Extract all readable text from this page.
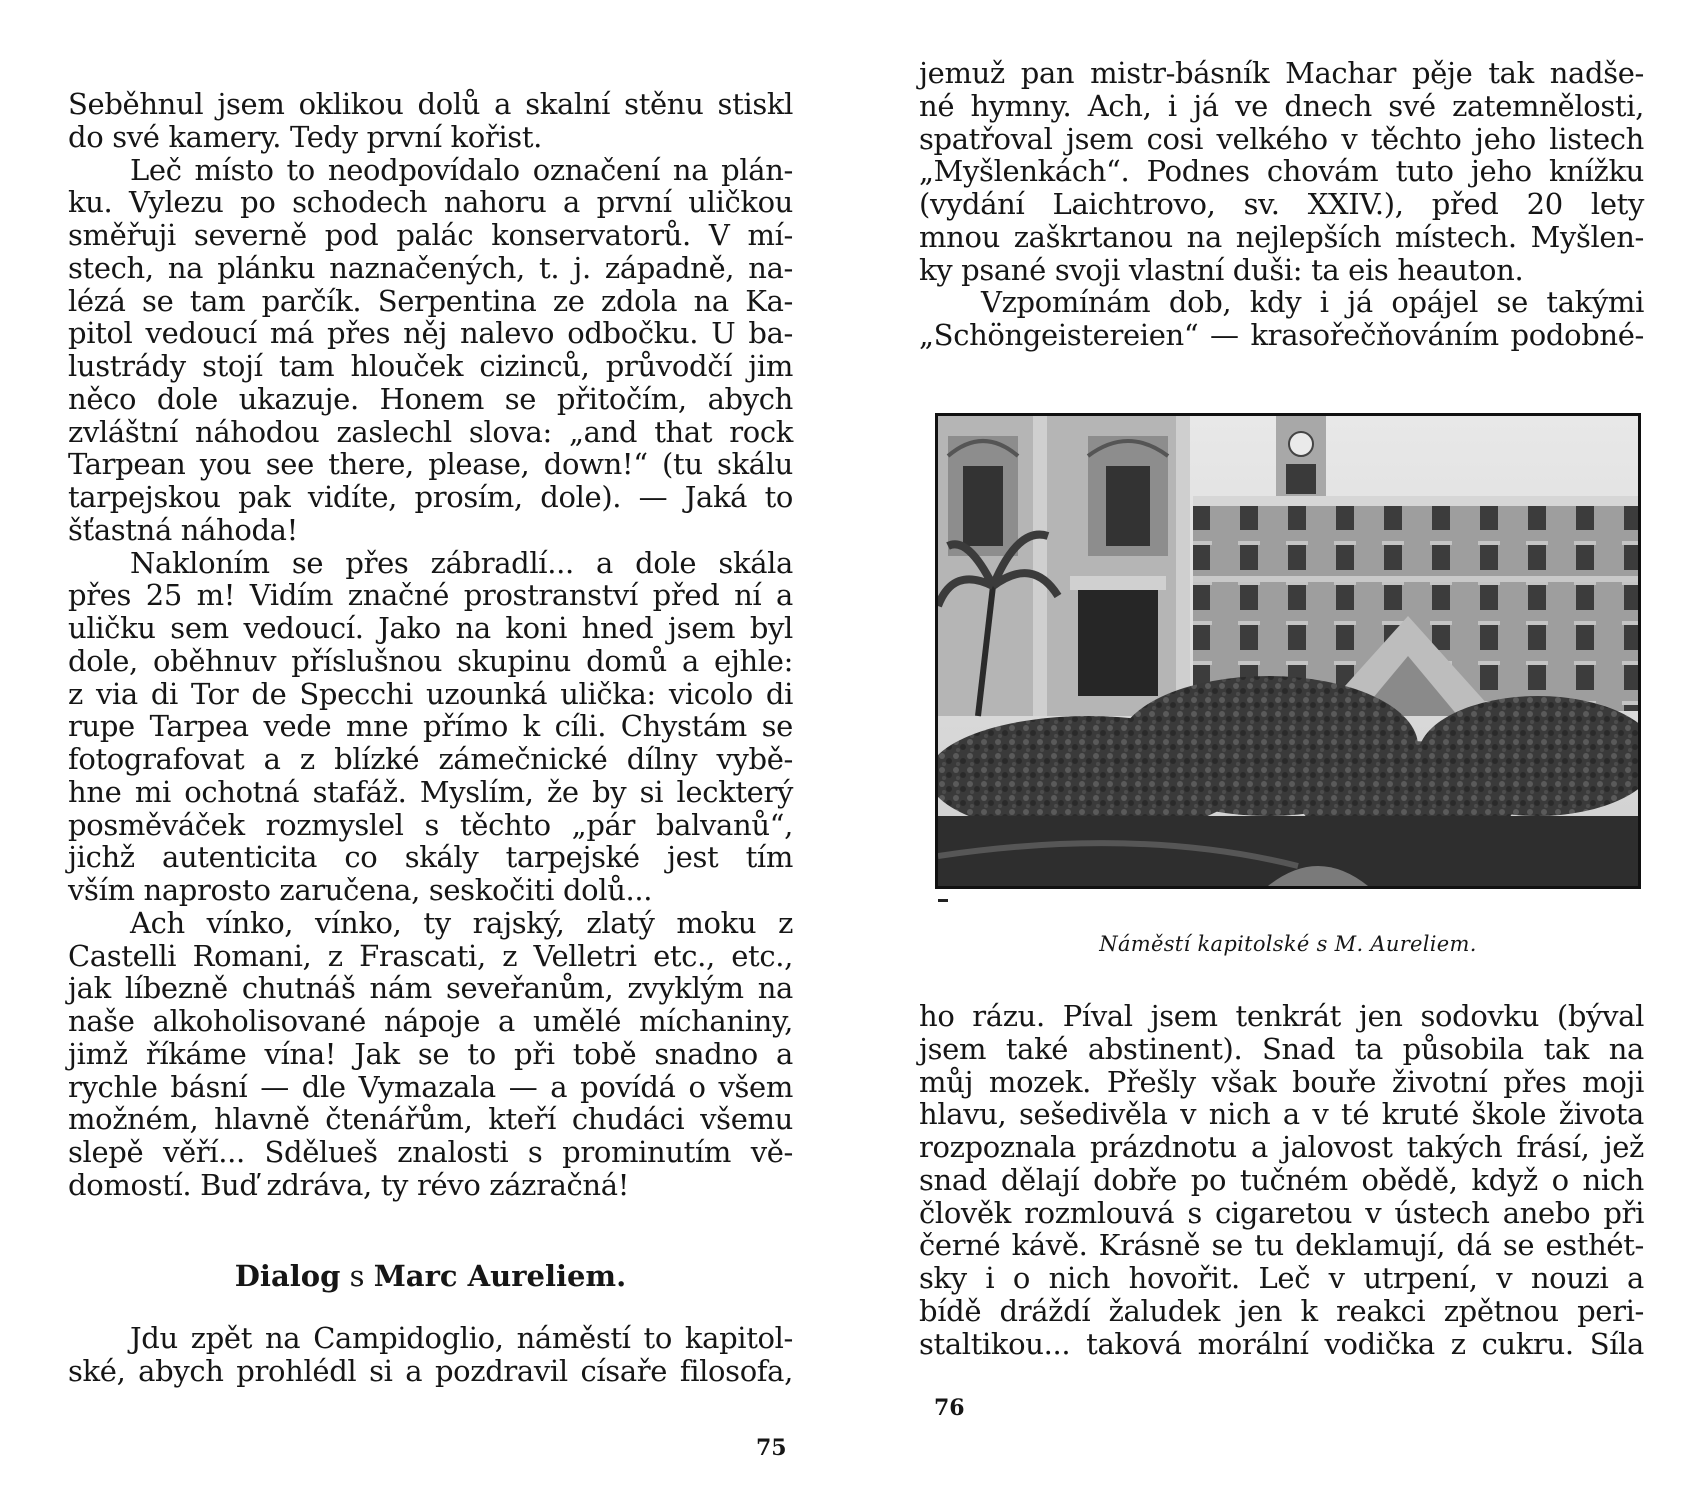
Seběhnul jsem oklikou dolů a skalní stěnu stiskl
do své kamery. Tedy první kořist.
Leč místo to neodpovídalo označení na plán-
ku. Vylezu po schodech nahoru a první uličkou
směřuji severně pod palác konservatorů. V mí-
stech, na plánku naznačených, t. j. západně, na-
lézá se tam parčík. Serpentina ze zdola na Ka-
pitol vedoucí má přes něj nalevo odbočku. U ba-
lustrády stojí tam hlouček cizinců, průvodčí jim
něco dole ukazuje. Honem se přitočím, abych
zvláštní náhodou zaslechl slova: „and that rock
Tarpean you see there, please, down!“ (tu skálu
tarpejskou pak vidíte, prosím, dole). — Jaká to
šťastná náhoda!
Nakloním se přes zábradlí... a dole skála
přes 25 m! Vidím značné prostranství před ní a
uličku sem vedoucí. Jako na koni hned jsem byl
dole, oběhnuv příslušnou skupinu domů a ejhle:
z via di Tor de Specchi uzounká ulička: vicolo di
rupe Tarpea vede mne přímo k cíli. Chystám se
fotografovat a z blízké zámečnické dílny vybě-
hne mi ochotná stafáž. Myslím, že by si leckterý
posměváček rozmyslel s těchto „pár balvanů“,
jichž autenticita co skály tarpejské jest tím
vším naprosto zaručena, seskočiti dolů...
Ach vínko, vínko, ty rajský, zlatý moku z
Castelli Romani, z Frascati, z Velletri etc., etc.,
jak líbezně chutnáš nám seveřanům, zvyklým na
naše alkoholisované nápoje a umělé míchaniny,
jimž říkáme vína! Jak se to při tobě snadno a
rychle básní — dle Vymazala — a povídá o všem
možném, hlavně čtenářům, kteří chudáci všemu
slepě věří... Sdělueš znalosti s prominutím vě-
domostí. Buď zdráva, ty révo zázračná!
Dialog s Marc Aureliem.
Jdu zpět na Campidoglio, náměstí to kapitol-
ské, abych prohlédl si a pozdravil císaře filosofa,
75
jemuž pan mistr-básník Machar pěje tak nadše-
né hymny. Ach, i já ve dnech své zatemnělosti,
spatřoval jsem cosi velkého v těchto jeho listech
„Myšlenkách“. Podnes chovám tuto jeho knížku
(vydání Laichtrovo, sv. XXIV.), před 20 lety
mnou zaškrtanou na nejlepších místech. Myšlen-
ky psané svoji vlastní duši: ta eis heauton.
Vzpomínám dob, kdy i já opájel se takými
„Schöngeistereien“ — krasořečňováním podobné-
Náměstí kapitolské s M. Aureliem.
ho rázu. Píval jsem tenkrát jen sodovku (býval
jsem také abstinent). Snad ta působila tak na
můj mozek. Přešly však bouře životní přes moji
hlavu, sešedivěla v nich a v té kruté škole života
rozpoznala prázdnotu a jalovost takých frásí, jež
snad dělají dobře po tučném obědě, když o nich
člověk rozmlouvá s cigaretou v ústech anebo při
černé kávě. Krásně se tu deklamují, dá se esthét-
sky i o nich hovořit. Leč v utrpení, v nouzi a
bídě dráždí žaludek jen k reakci zpětnou peri-
staltikou... taková morální vodička z cukru. Síla
76
